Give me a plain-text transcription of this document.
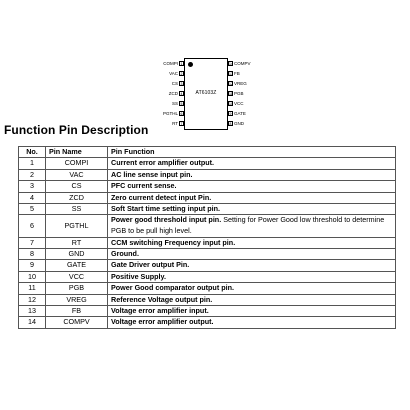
AT6103Z
COMPI 1
VAC 2
CS 3
ZCD 4
SS 5
PGTHL 6
RT 7
14 COMPV
13 FB
12 VREG
11 PGB
10 VCC
9 GATE
8 GND
Function Pin Description
No.	Pin Name	Pin Function
1	COMPI	Current error amplifier output.
2	VAC	AC line sense input pin.
3	CS	PFC current sense.
4	ZCD	Zero current detect input Pin.
5	SS	Soft Start time setting input pin.
6	PGTHL	Power good threshold input pin. Setting for Power Good low threshold to determine PGB to be pull high level.
7	RT	CCM switching Frequency input pin.
8	GND	Ground.
9	GATE	Gate Driver output Pin.
10	VCC	Positive Supply.
11	PGB	Power Good comparator output pin.
12	VREG	Reference Voltage output pin.
13	FB	Voltage error amplifier input.
14	COMPV	Voltage error amplifier output.
